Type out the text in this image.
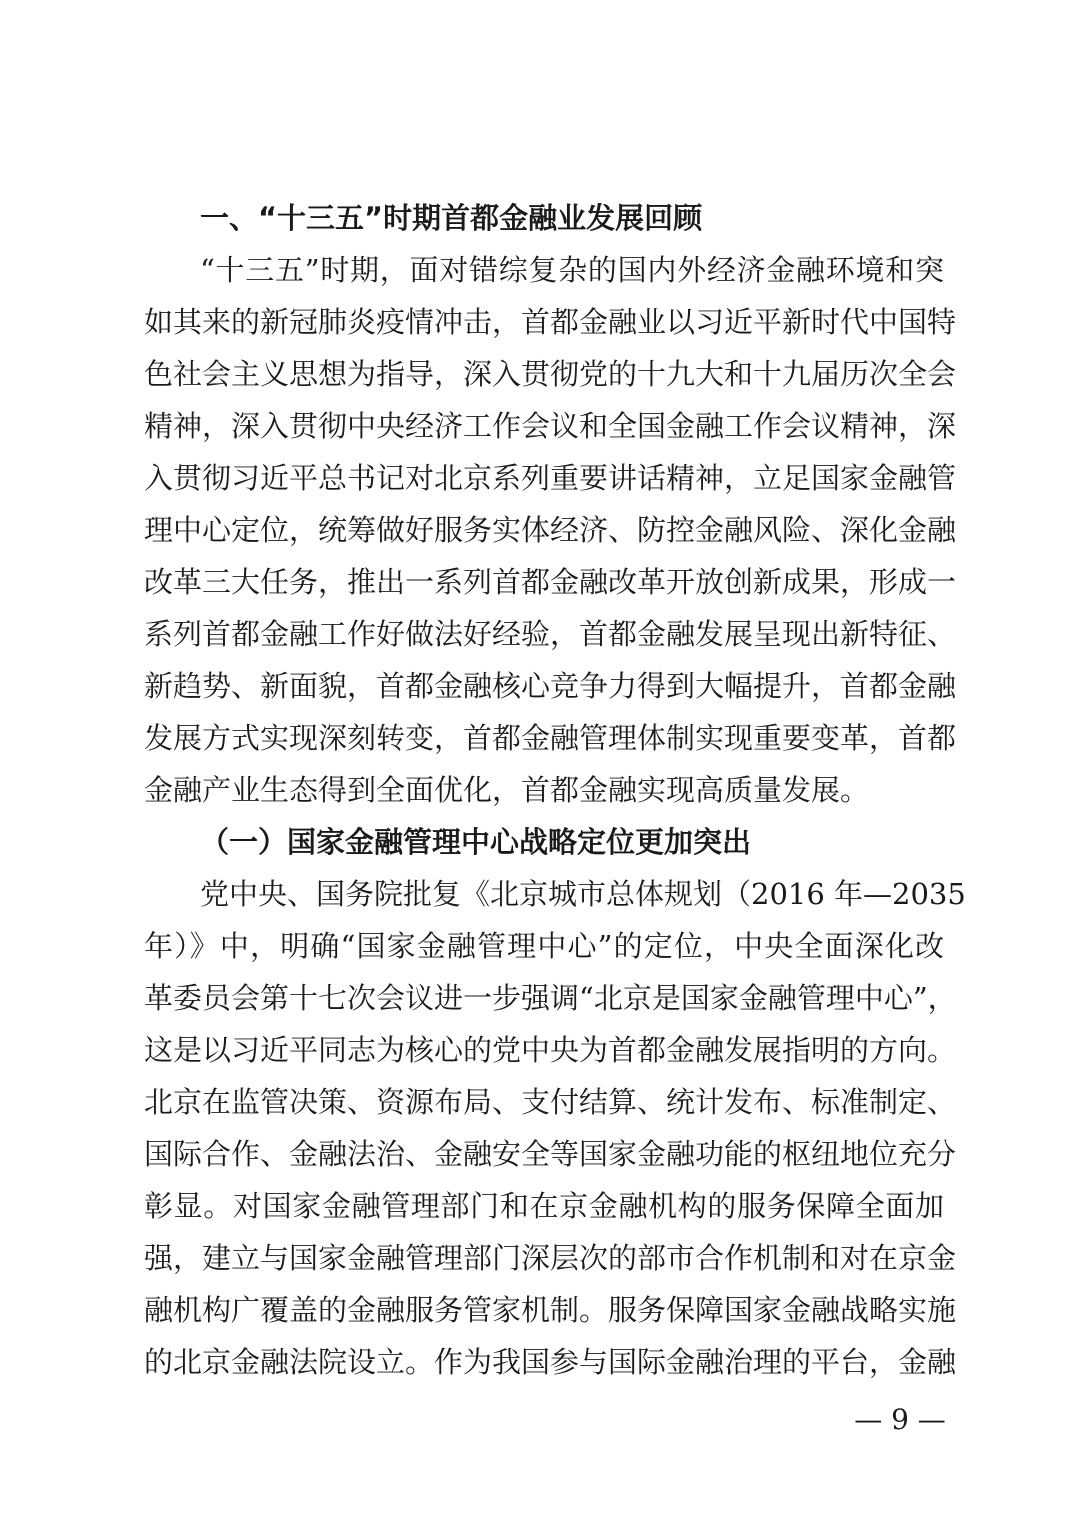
一、“十三五”时期首都金融业发展回顾
“十三五”时期，面对错综复杂的国内外经济金融环境和突
如其来的新冠肺炎疫情冲击，首都金融业以习近平新时代中国特
色社会主义思想为指导，深入贯彻党的十九大和十九届历次全会
精神，深入贯彻中央经济工作会议和全国金融工作会议精神，深
入贯彻习近平总书记对北京系列重要讲话精神，立足国家金融管
理中心定位，统筹做好服务实体经济、防控金融风险、深化金融
改革三大任务，推出一系列首都金融改革开放创新成果，形成一
系列首都金融工作好做法好经验，首都金融发展呈现出新特征、
新趋势、新面貌，首都金融核心竞争力得到大幅提升，首都金融
发展方式实现深刻转变，首都金融管理体制实现重要变革，首都
金融产业生态得到全面优化，首都金融实现高质量发展。
（一）国家金融管理中心战略定位更加突出
党中央、国务院批复《北京城市总体规划（2016 年—2035
年）》中，明确“国家金融管理中心”的定位，中央全面深化改
革委员会第十七次会议进一步强调“北京是国家金融管理中心”，
这是以习近平同志为核心的党中央为首都金融发展指明的方向。
北京在监管决策、资源布局、支付结算、统计发布、标准制定、
国际合作、金融法治、金融安全等国家金融功能的枢纽地位充分
彰显。对国家金融管理部门和在京金融机构的服务保障全面加
强，建立与国家金融管理部门深层次的部市合作机制和对在京金
融机构广覆盖的金融服务管家机制。服务保障国家金融战略实施
的北京金融法院设立。作为我国参与国际金融治理的平台，金融
— 9 —
